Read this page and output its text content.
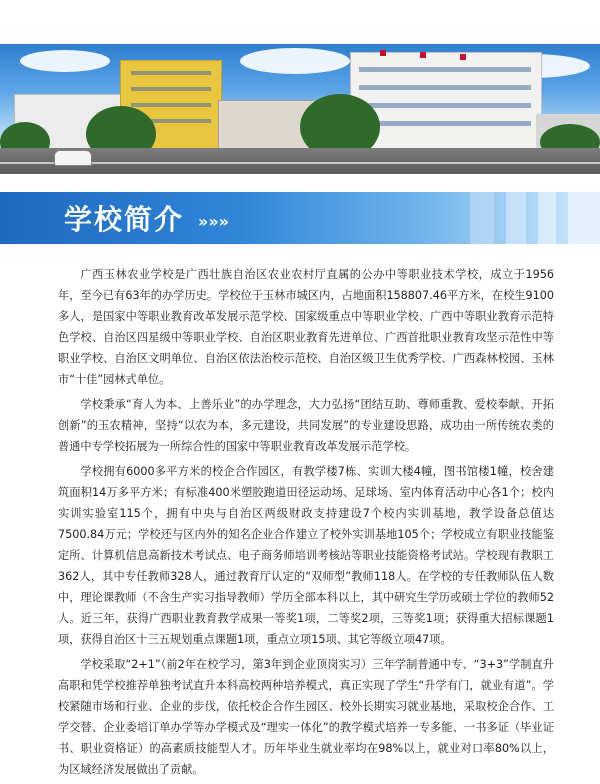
学校简介 »»»

广西玉林农业学校是广西壮族自治区农业农村厅直属的公办中等职业技术学校，成立于1956年，至今已有63年的办学历史。学校位于玉林市城区内，占地面积158807.46平方米，在校生9100多人，是国家中等职业教育改革发展示范学校、国家级重点中等职业学校、广西中等职业教育示范特色学校、自治区四星级中等职业学校、自治区职业教育先进单位、广西首批职业教育攻坚示范性中等职业学校、自治区文明单位、自治区依法治校示范校、自治区级卫生优秀学校、广西森林校园、玉林市“十佳”园林式单位。

学校秉承“育人为本、上善乐业”的办学理念，大力弘扬“团结互助、尊师重教、爱校奉献、开拓创新”的玉农精神，坚持“以农为本，多元建设，共同发展”的专业建设思路，成功由一所传统农类的普通中专学校拓展为一所综合性的国家中等职业教育改革发展示范学校。

学校拥有6000多平方米的校企合作园区，有教学楼7栋、实训大楼4幢，图书馆楼1幢，校舍建筑面积14万多平方米；有标准400米塑胶跑道田径运动场、足球场、室内体育活动中心各1个；校内实训实验室115个，拥有中央与自治区两级财政支持建设7个校内实训基地，教学设备总值达7500.84万元；学校还与区内外的知名企业合作建立了校外实训基地105个；学校成立有职业技能鉴定所、计算机信息高新技术考试点、电子商务师培训考核站等职业技能资格考试站。学校现有教职工362人，其中专任教师328人，通过教育厅认定的“双师型”教师118人。在学校的专任教师队伍人数中，理论课教师（不含生产实习指导教师）学历全部本科以上，其中研究生学历或硕士学位的教师52人。近三年，获得广西职业教育教学成果一等奖1项，二等奖2项，三等奖1项；获得重大招标课题1项，获得自治区十三五规划重点课题1项，重点立项15项、其它等级立项47项。

学校采取“2+1”（前2年在校学习，第3年到企业顶岗实习）三年学制普通中专、“3+3”学制直升高职和凭学校推荐单独考试直升本科高校两种培养模式，真正实现了学生“升学有门，就业有道”。学校紧随市场和行业、企业的步伐，依托校企合作生园区、校外长期实习就业基地，采取校企合作、工学交替、企业委培订单办学等办学模式及“理实一体化”的教学模式培养一专多能、一书多证（毕业证书、职业资格证）的高素质技能型人才。历年毕业生就业率均在98%以上，就业对口率80%以上，为区域经济发展做出了贡献。
